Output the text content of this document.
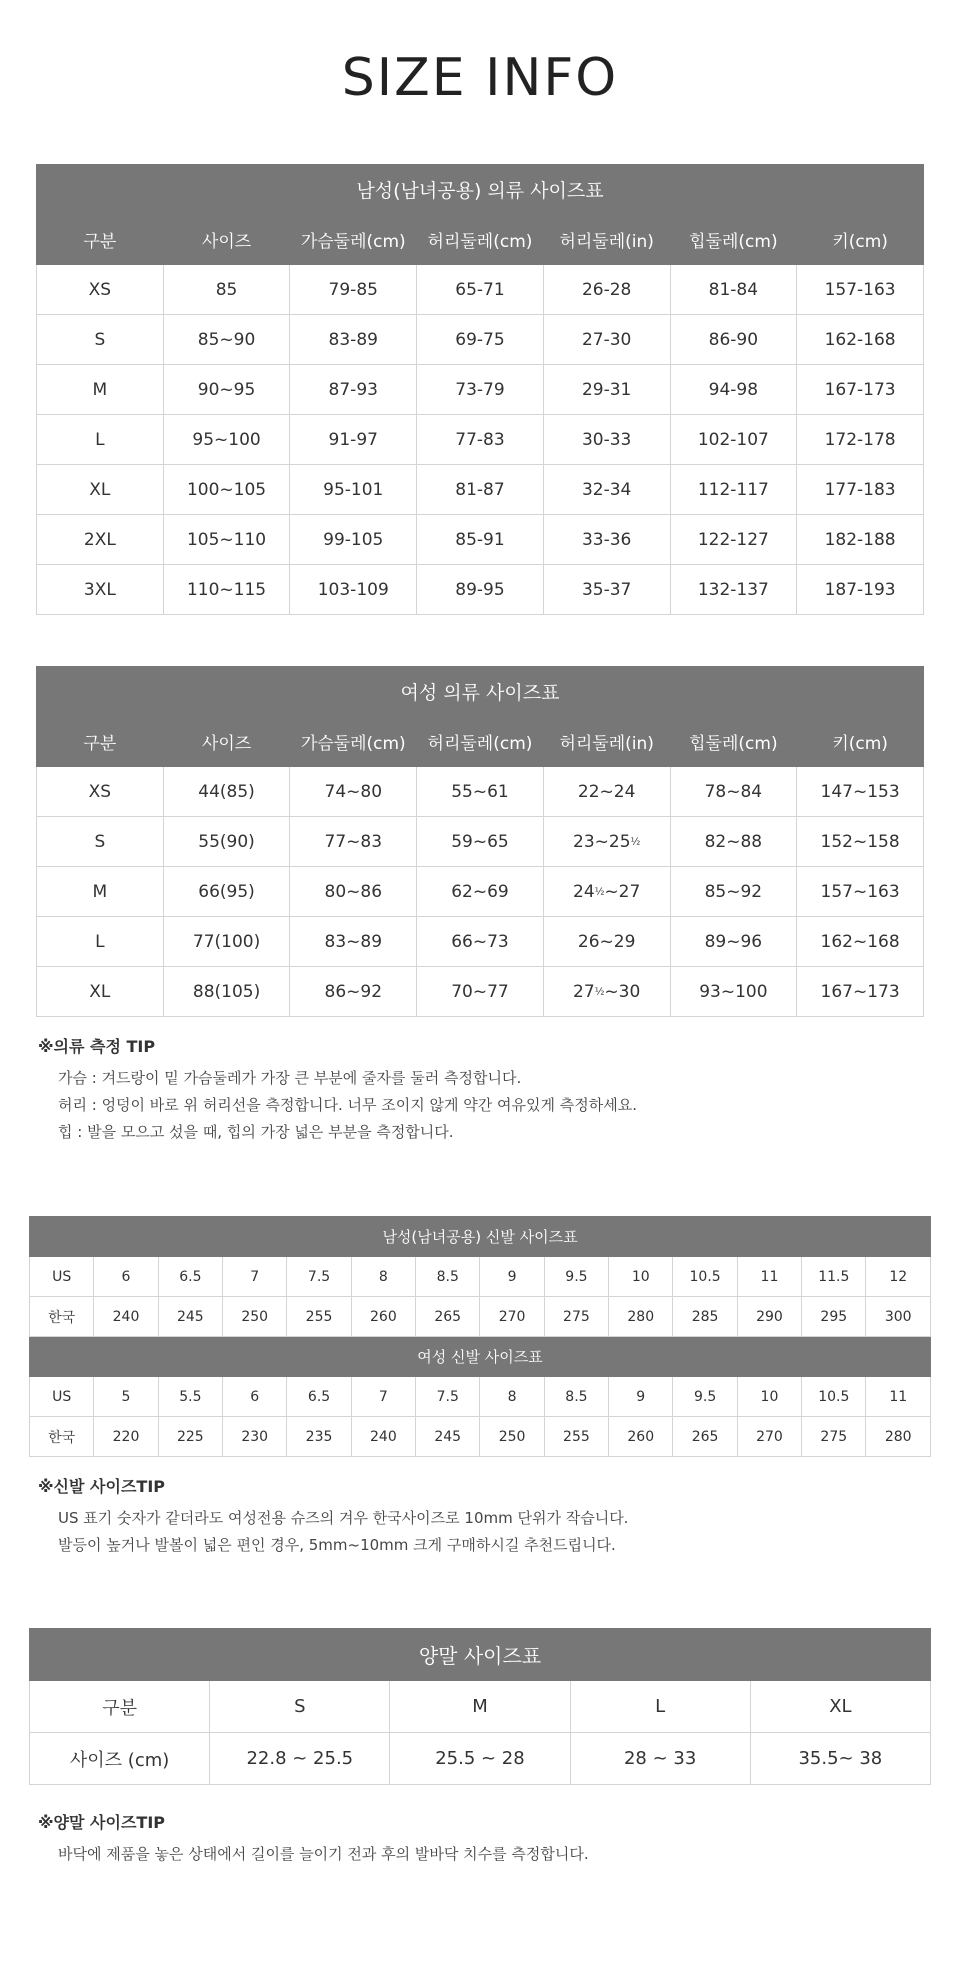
SIZE INFO
남성(남녀공용) 의류 사이즈표						
구분	사이즈	가슴둘레(cm)	허리둘레(cm)	허리둘레(in)	힙둘레(cm)	키(cm)
XS	85	79-85	65-71	26-28	81-84	157-163
S	85~90	83-89	69-75	27-30	86-90	162-168
M	90~95	87-93	73-79	29-31	94-98	167-173
L	95~100	91-97	77-83	30-33	102-107	172-178
XL	100~105	95-101	81-87	32-34	112-117	177-183
2XL	105~110	99-105	85-91	33-36	122-127	182-188
3XL	110~115	103-109	89-95	35-37	132-137	187-193
여성 의류 사이즈표						
구분	사이즈	가슴둘레(cm)	허리둘레(cm)	허리둘레(in)	힙둘레(cm)	키(cm)
XS	44(85)	74~80	55~61	22~24	78~84	147~153
S	55(90)	77~83	59~65	23~25½	82~88	152~158
M	66(95)	80~86	62~69	24½~27	85~92	157~163
L	77(100)	83~89	66~73	26~29	89~96	162~168
XL	88(105)	86~92	70~77	27½~30	93~100	167~173
※의류 측정 TIP
가슴 : 겨드랑이 밑 가슴둘레가 가장 큰 부분에 줄자를 둘러 측정합니다.
허리 : 엉덩이 바로 위 허리선을 측정합니다. 너무 조이지 않게 약간 여유있게 측정하세요.
힙 : 발을 모으고 섰을 때, 힙의 가장 넓은 부분을 측정합니다.
남성(남녀공용) 신발 사이즈표													
US	6	6.5	7	7.5	8	8.5	9	9.5	10	10.5	11	11.5	12
한국	240	245	250	255	260	265	270	275	280	285	290	295	300
여성 신발 사이즈표													
US	5	5.5	6	6.5	7	7.5	8	8.5	9	9.5	10	10.5	11
한국	220	225	230	235	240	245	250	255	260	265	270	275	280
※신발 사이즈TIP
US 표기 숫자가 같더라도 여성전용 슈즈의 겨우 한국사이즈로 10mm 단위가 작습니다.
발등이 높거나 발볼이 넓은 편인 경우, 5mm~10mm 크게 구매하시길 추천드립니다.
양말 사이즈표				
구분	S	M	L	XL
사이즈 (cm)	22.8 ~ 25.5	25.5 ~ 28	28 ~ 33	35.5~ 38
※양말 사이즈TIP
바닥에 제품을 놓은 상태에서 길이를 늘이기 전과 후의 발바닥 치수를 측정합니다.
